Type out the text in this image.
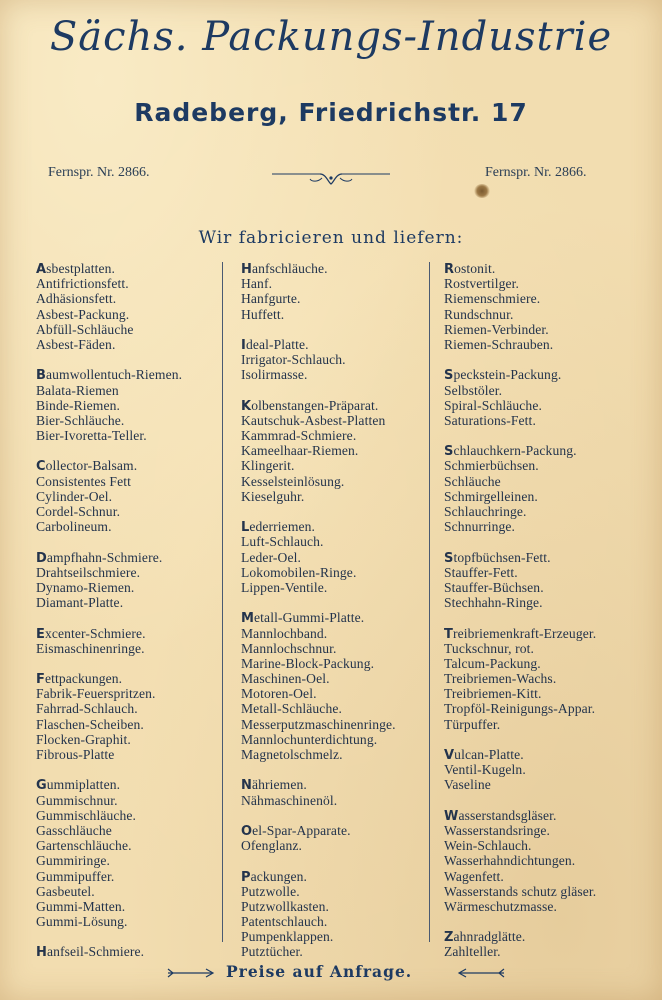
Sächs. Packungs-Industrie
Radeberg, Friedrichstr. 17
Fernspr. Nr. 2866.	Fernspr. Nr. 2866.
Wir fabricieren und liefern:
Asbestplatten.
Antifrictionsfett.
Adhäsionsfett.
Asbest-Packung.
Abfüll-Schläuche
Asbest-Fäden.
Baumwollentuch-Riemen.
Balata-Riemen
Binde-Riemen.
Bier-Schläuche.
Bier-Ivoretta-Teller.
Collector-Balsam.
Consistentes Fett
Cylinder-Oel.
Cordel-Schnur.
Carbolineum.
Dampfhahn-Schmiere.
Drahtseilschmiere.
Dynamo-Riemen.
Diamant-Platte.
Excenter-Schmiere.
Eismaschinenringe.
Fettpackungen.
Fabrik-Feuerspritzen.
Fahrrad-Schlauch.
Flaschen-Scheiben.
Flocken-Graphit.
Fibrous-Platte
Gummiplatten.
Gummischnur.
Gummischläuche.
Gasschläuche
Gartenschläuche.
Gummiringe.
Gummipuffer.
Gasbeutel.
Gummi-Matten.
Gummi-Lösung.
Hanfseil-Schmiere.
Hanfschläuche.
Hanf.
Hanfgurte.
Huffett.
Ideal-Platte.
Irrigator-Schlauch.
Isolirmasse.
Kolbenstangen-Präparat.
Kautschuk-Asbest-Platten
Kammrad-Schmiere.
Kameelhaar-Riemen.
Klingerit.
Kesselsteinlösung.
Kieselguhr.
Lederriemen.
Luft-Schlauch.
Leder-Oel.
Lokomobilen-Ringe.
Lippen-Ventile.
Metall-Gummi-Platte.
Mannlochband.
Mannlochschnur.
Marine-Block-Packung.
Maschinen-Oel.
Motoren-Oel.
Metall-Schläuche.
Messerputzmaschinenringe.
Mannlochunterdichtung.
Magnetolschmelz.
Nähriemen.
Nähmaschinenöl.
Oel-Spar-Apparate.
Ofenglanz.
Packungen.
Putzwolle.
Putzwollkasten.
Patentschlauch.
Pumpenklappen.
Putztücher.
Rostonit.
Rostvertilger.
Riemenschmiere.
Rundschnur.
Riemen-Verbinder.
Riemen-Schrauben.
Speckstein-Packung.
Selbstöler.
Spiral-Schläuche.
Saturations-Fett.
Schlauchkern-Packung.
Schmierbüchsen.
Schläuche
Schmirgelleinen.
Schlauchringe.
Schnurringe.
Stopfbüchsen-Fett.
Stauffer-Fett.
Stauffer-Büchsen.
Stechhahn-Ringe.
Treibriemenkraft-Erzeuger.
Tuckschnur, rot.
Talcum-Packung.
Treibriemen-Wachs.
Treibriemen-Kitt.
Tropföl-Reinigungs-Appar.
Türpuffer.
Vulcan-Platte.
Ventil-Kugeln.
Vaseline
Wasserstandsgläser.
Wasserstandsringe.
Wein-Schlauch.
Wasserhahndichtungen.
Wagenfett.
Wasserstands schutz gläser.
Wärmeschutzmasse.
Zahnradglätte.
Zahlteller.
Preise auf Anfrage.
